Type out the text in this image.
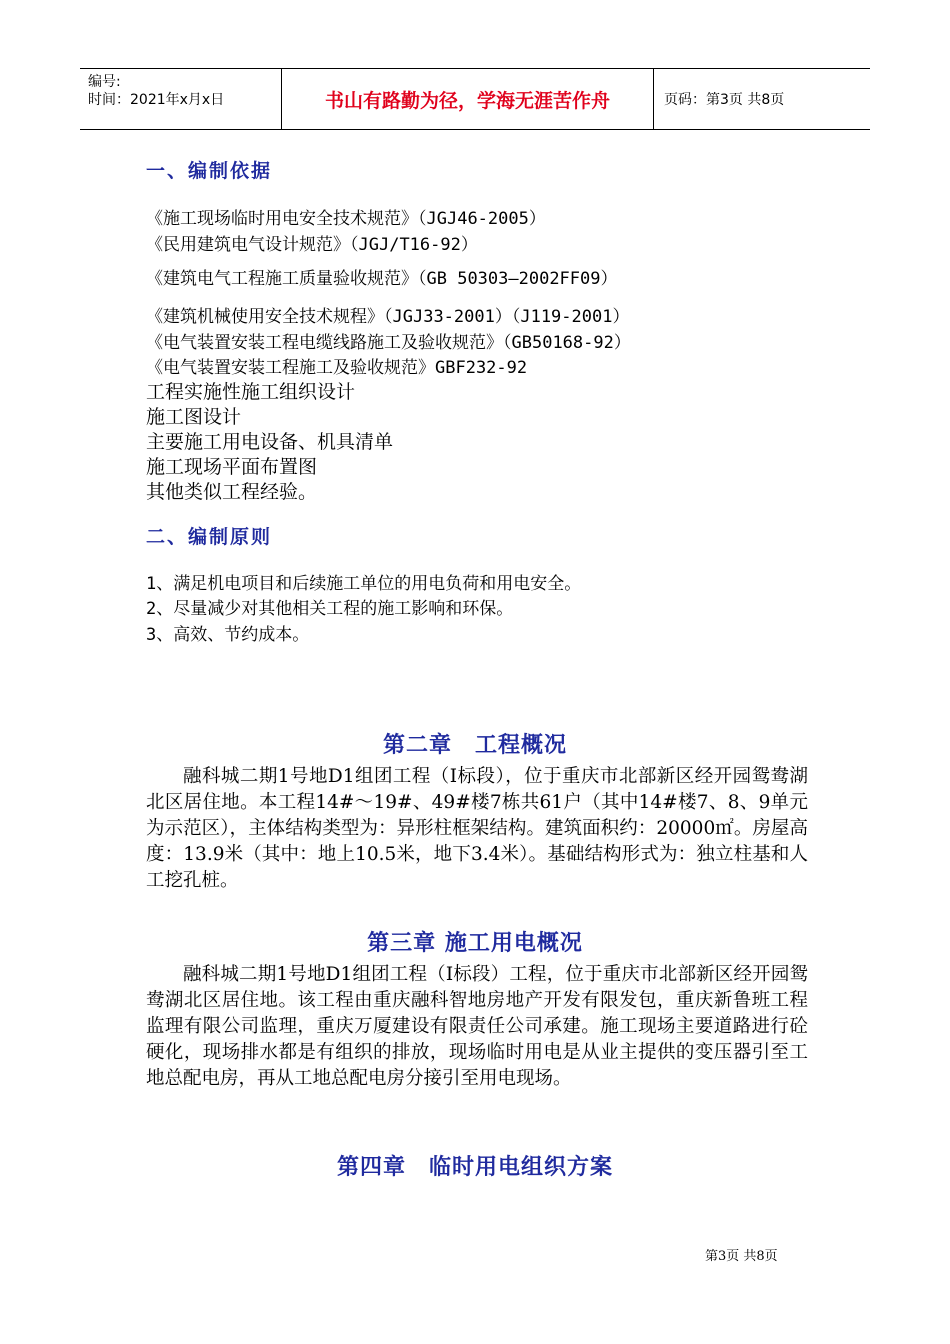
编号:
时间：2021年x月x日	书山有路勤为径，学海无涯苦作舟	页码：第3页 共8页
一、编制依据
《施工现场临时用电安全技术规范》（JGJ46-2005）
《民用建筑电气设计规范》（JGJ/T16-92）
《建筑电气工程施工质量验收规范》（GB 50303—2002FF09）
《建筑机械使用安全技术规程》（JGJ33-2001）（J119-2001）
《电气装置安装工程电缆线路施工及验收规范》（GB50168-92）
《电气装置安装工程施工及验收规范》GBF232-92
工程实施性施工组织设计
施工图设计
主要施工用电设备、机具清单
施工现场平面布置图
其他类似工程经验。
二、编制原则
1、满足机电项目和后续施工单位的用电负荷和用电安全。
2、尽量减少对其他相关工程的施工影响和环保。
3、高效、节约成本。
第二章　工程概况
融科城二期1号地D1组团工程（Ⅰ标段），位于重庆市北部新区经开园鸳鸯湖北区居住地。本工程14#～19#、49#楼7栋共61户（其中14#楼7、8、9单元为示范区），主体结构类型为：异形柱框架结构。建筑面积约：20000㎡。房屋高度：13.9米（其中：地上10.5米，地下3.4米）。基础结构形式为：独立柱基和人工挖孔桩。
第三章 施工用电概况
融科城二期1号地D1组团工程（Ⅰ标段）工程，位于重庆市北部新区经开园鸳鸯湖北区居住地。该工程由重庆融科智地房地产开发有限发包，重庆新鲁班工程监理有限公司监理，重庆万厦建设有限责任公司承建。施工现场主要道路进行砼硬化，现场排水都是有组织的排放，现场临时用电是从业主提供的变压器引至工地总配电房，再从工地总配电房分接引至用电现场。
第四章　临时用电组织方案
第3页 共8页
